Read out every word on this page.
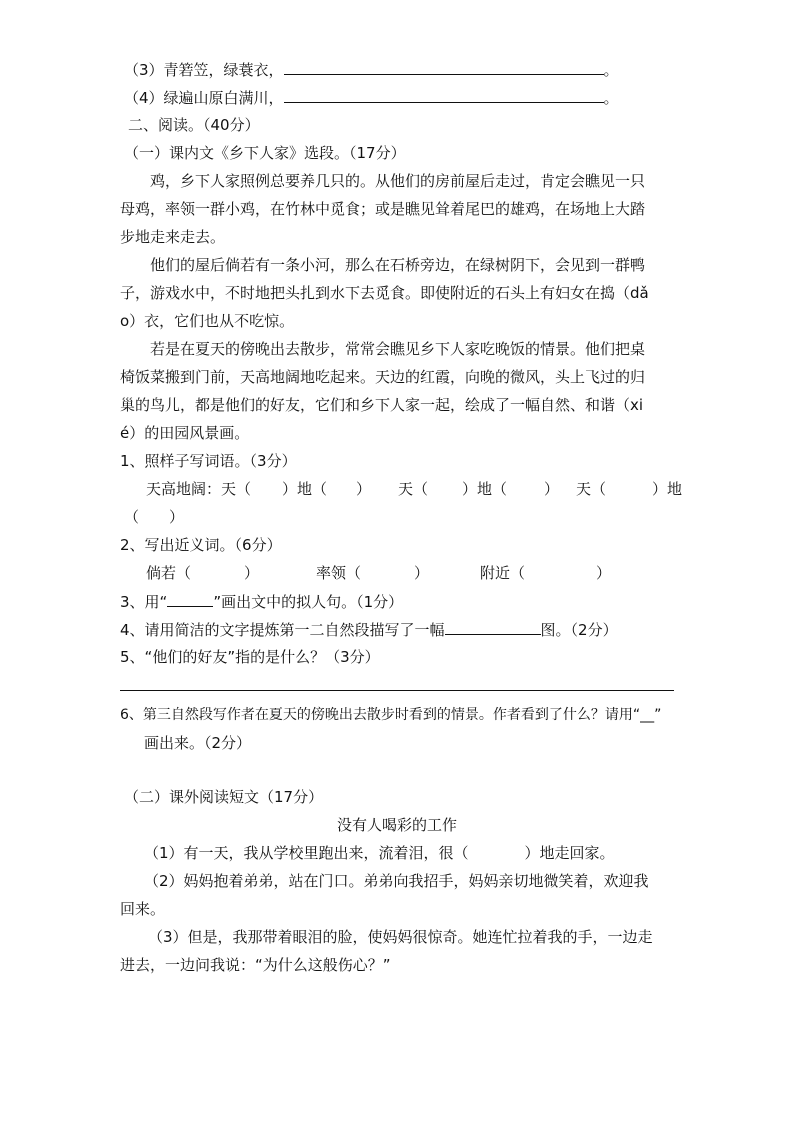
（3）青箬笠，绿蓑衣，	。
（4）绿遍山原白满川，	。
二、阅读。（40分）
（一）课内文《乡下人家》选段。（17分）
鸡，乡下人家照例总要养几只的。从他们的房前屋后走过，肯定会瞧见一只
母鸡，率领一群小鸡，在竹林中觅食；或是瞧见耸着尾巴的雄鸡，在场地上大踏
步地走来走去。
他们的屋后倘若有一条小河，那么在石桥旁边，在绿树阴下，会见到一群鸭
子，游戏水中，不时地把头扎到水下去觅食。即使附近的石头上有妇女在捣（dǎ
o）衣，它们也从不吃惊。
若是在夏天的傍晚出去散步，常常会瞧见乡下人家吃晚饭的情景。他们把桌
椅饭菜搬到门前，天高地阔地吃起来。天边的红霞，向晚的微风，头上飞过的归
巢的鸟儿，都是他们的好友，它们和乡下人家一起，绘成了一幅自然、和谐（xi
é）的田园风景画。
1、照样子写词语。（3分）
天高地阔：天（ ）地（ ） 天（ ）地（ ） 天（	）地
（　　）
2、写出近义词。（6分）
倘若（	）	率领（	）	附近（	）
3、用“	”画出文中的拟人句。（1分）
4、请用简洁的文字提炼第一二自然段描写了一幅	图。（2分）
5、“他们的好友”指的是什么？（3分）
6、第三自然段写作者在夏天的傍晚出去散步时看到的情景。作者看到了什么？请用“__”
画出来。（2分）
（二）课外阅读短文（17分）
没有人喝彩的工作
（1）有一天，我从学校里跑出来，流着泪，很（	）地走回家。
（2）妈妈抱着弟弟，站在门口。弟弟向我招手，妈妈亲切地微笑着，欢迎我
回来。
（3）但是，我那带着眼泪的脸，使妈妈很惊奇。她连忙拉着我的手，一边走
进去，一边问我说：“为什么这般伤心？”
